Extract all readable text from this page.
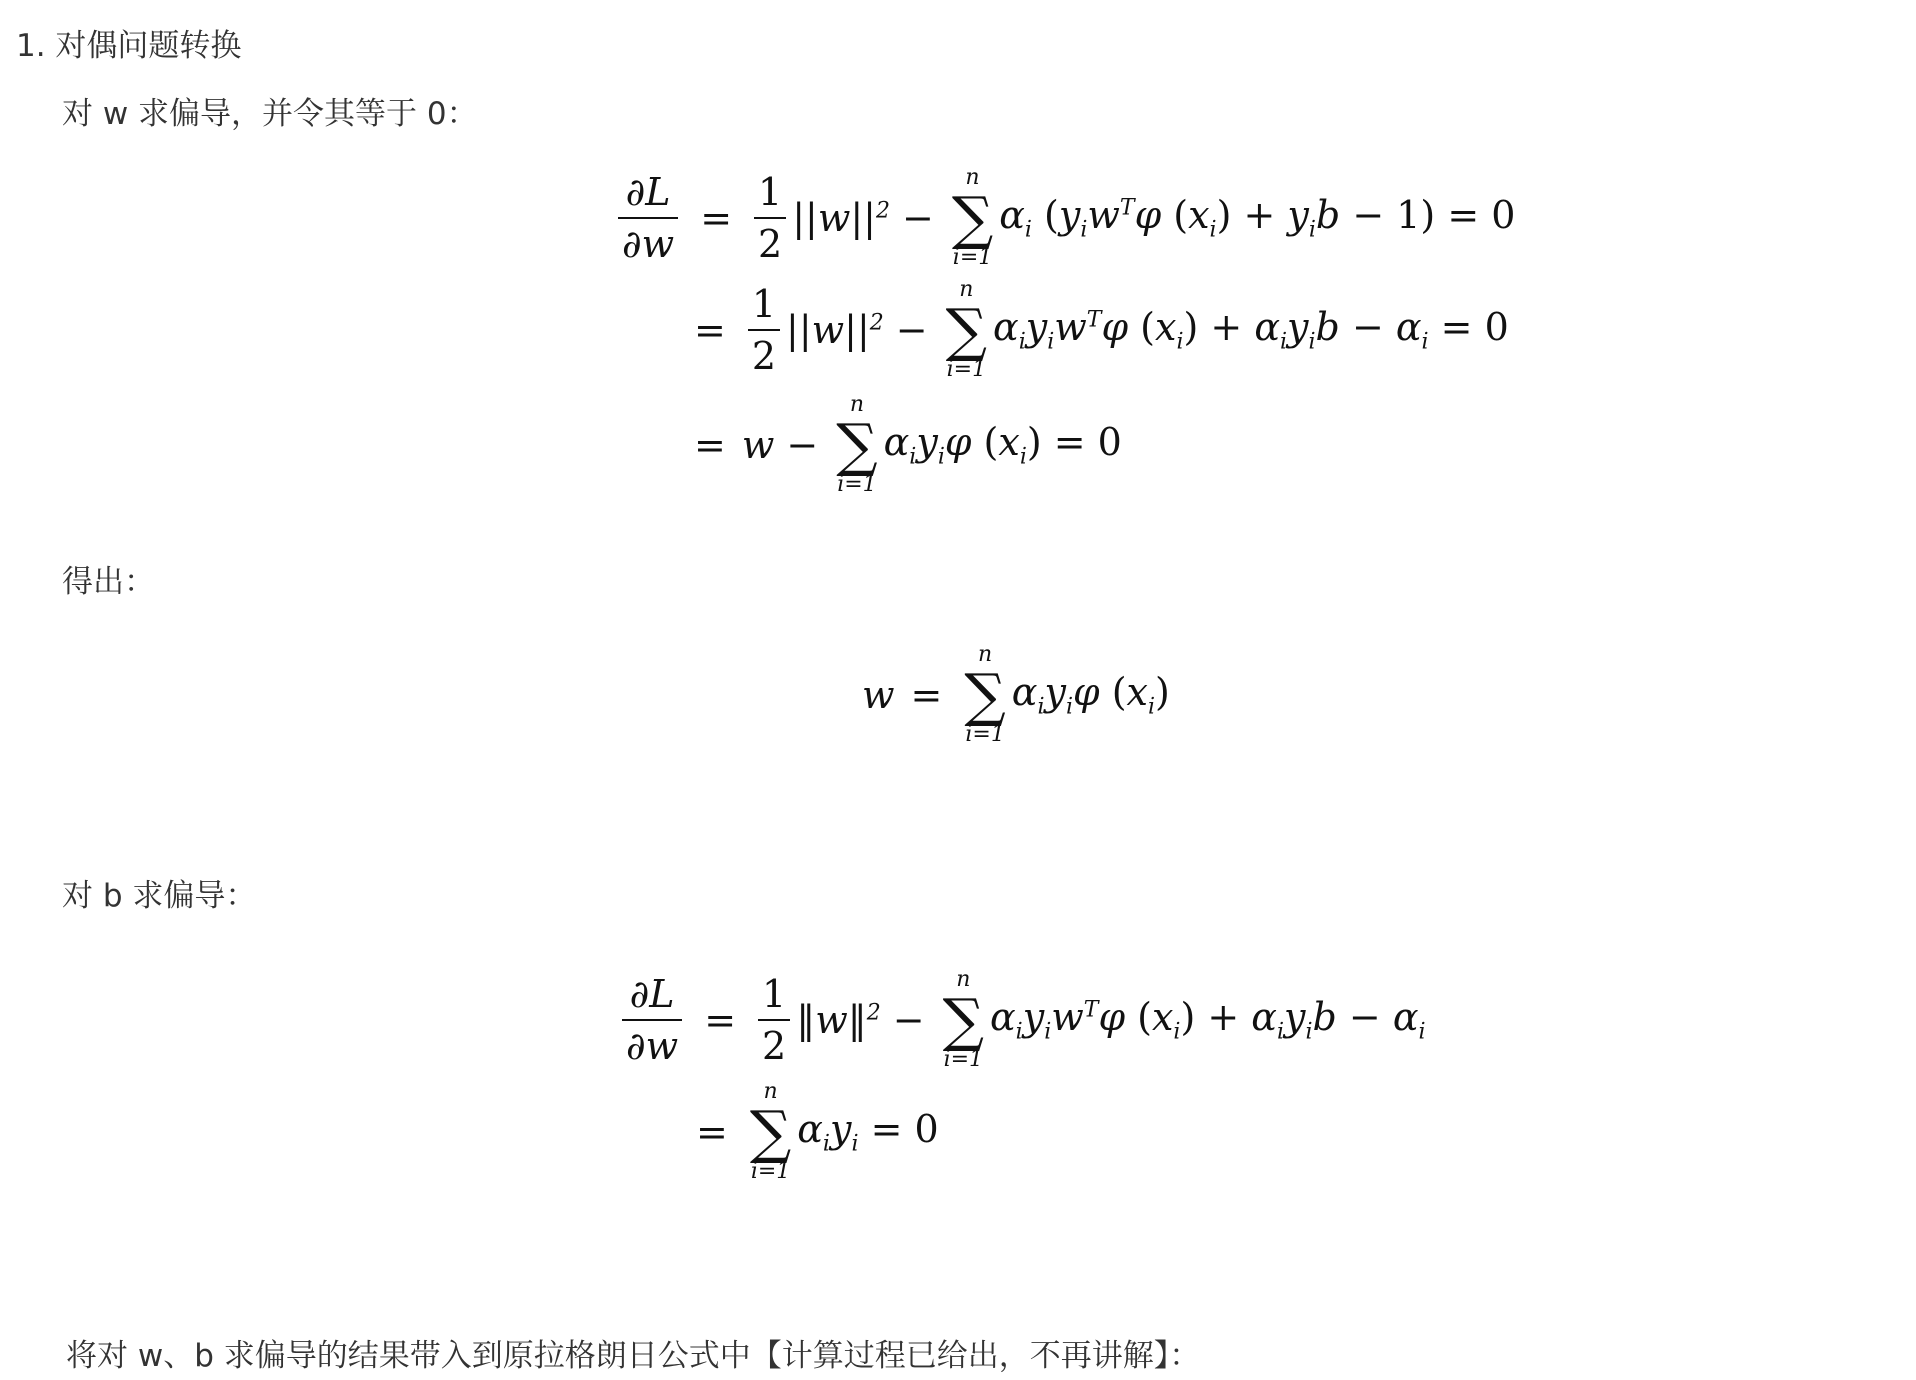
1. 对偶问题转换
对 w 求偏导，并令其等于 0：
$\frac{\partial L}{\partial w} = \frac{1}{2} ||w||^2$ −
n
∑
i=1
$\alpha_i$ ($y_iw^T\varphi$ $(x_i) + y_ib - 1) = 0$
= $\frac{1}{2} ||w||^2$ −
n
∑
i=1
$\alpha_iy_iw^T\varphi$ $(x_i) + \alpha_iy_ib - \alpha_i = 0$
= w −
n
∑
i=1
$\alpha_iy_i\varphi$ $(x_i) = 0$
得出：
w =
n
∑
i=1
$\alpha_iy_i\varphi$ $(x_i)$
对 b 求偏导：
$\frac{\partial L}{\partial w} = \frac{1}{2}$ ‖w‖$^2$ −
n
∑
i=1
$\alpha_iy_iw^T\varphi$ $(x_i) + \alpha_iy_ib - \alpha_i$
=
n
∑
i=1
$\alpha_iy_i = 0$
将对 w、b 求偏导的结果带入到原拉格朗日公式中【计算过程已给出，不再讲解】：
